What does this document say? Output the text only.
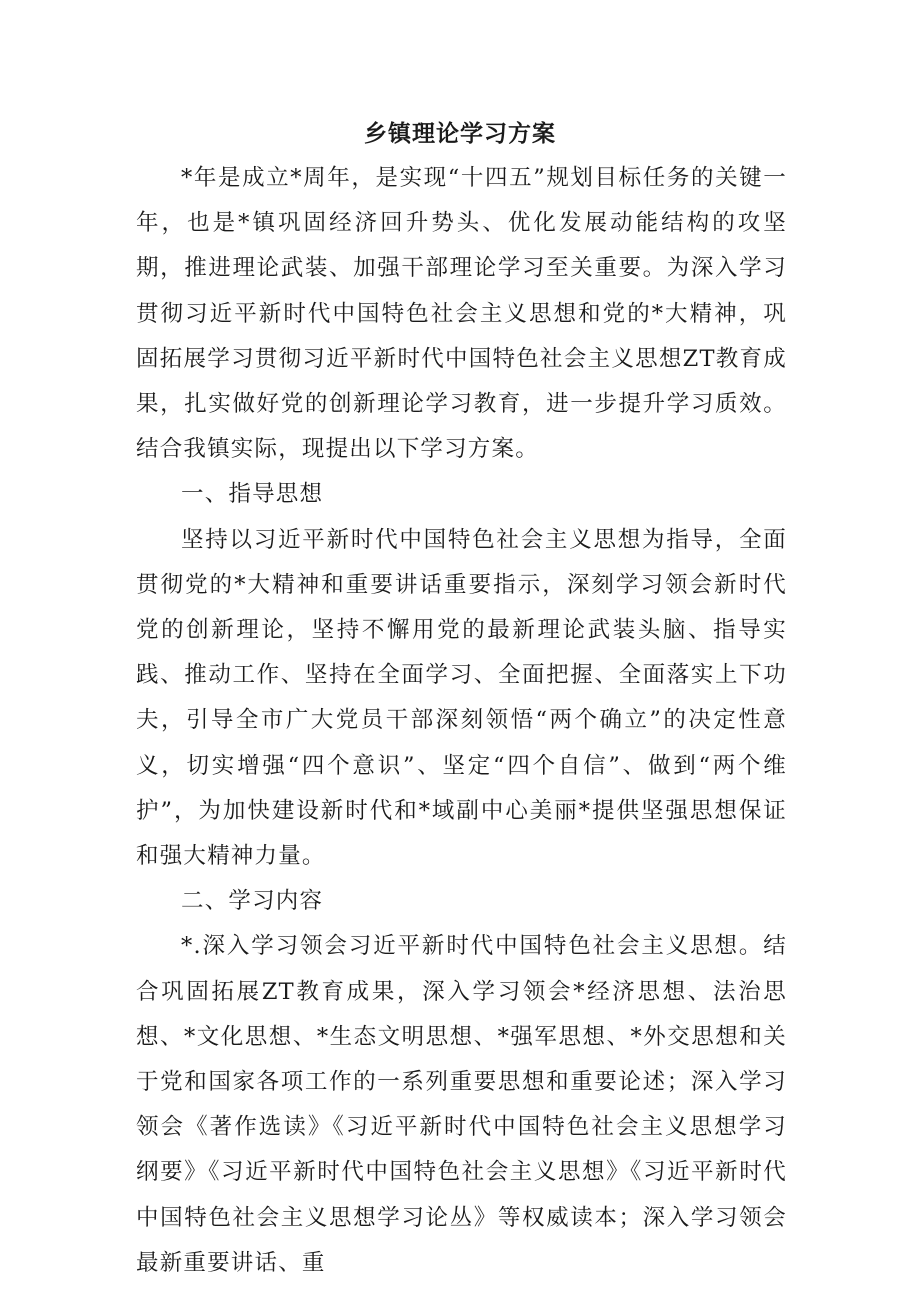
乡镇理论学习方案

*年是成立*周年，是实现“十四五”规划目标任务的关键一年，也是*镇巩固经济回升势头、优化发展动能结构的攻坚期，推进理论武装、加强干部理论学习至关重要。为深入学习贯彻习近平新时代中国特色社会主义思想和党的*大精神，巩固拓展学习贯彻习近平新时代中国特色社会主义思想ZT教育成果，扎实做好党的创新理论学习教育，进一步提升学习质效。结合我镇实际，现提出以下学习方案。

一、指导思想

坚持以习近平新时代中国特色社会主义思想为指导，全面贯彻党的*大精神和重要讲话重要指示，深刻学习领会新时代党的创新理论，坚持不懈用党的最新理论武装头脑、指导实践、推动工作、坚持在全面学习、全面把握、全面落实上下功夫，引导全市广大党员干部深刻领悟“两个确立”的决定性意义，切实增强“四个意识”、坚定“四个自信”、做到“两个维护”，为加快建设新时代和*域副中心美丽*提供坚强思想保证和强大精神力量。

二、学习内容

*.深入学习领会习近平新时代中国特色社会主义思想。结合巩固拓展ZT教育成果，深入学习领会*经济思想、法治思想、*文化思想、*生态文明思想、*强军思想、*外交思想和关于党和国家各项工作的一系列重要思想和重要论述；深入学习领会《著作选读》《习近平新时代中国特色社会主义思想学习纲要》《习近平新时代中国特色社会主义思想》《习近平新时代中国特色社会主义思想学习论丛》等权威读本；深入学习领会最新重要讲话、重
